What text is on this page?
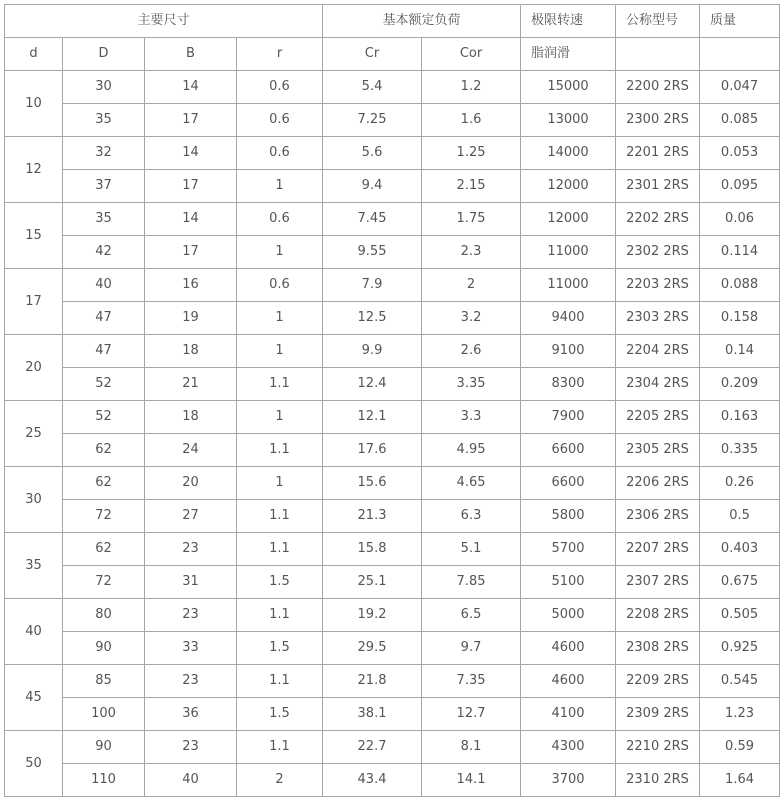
主要尺寸				基本额定负荷		极限转速	公称型号	质量
d	D	B	r	Cr	Cor	脂润滑		
10	30	14	0.6	5.4	1.2	15000	2200 2RS	0.047
	35	17	0.6	7.25	1.6	13000	2300 2RS	0.085
12	32	14	0.6	5.6	1.25	14000	2201 2RS	0.053
	37	17	1	9.4	2.15	12000	2301 2RS	0.095
15	35	14	0.6	7.45	1.75	12000	2202 2RS	0.06
	42	17	1	9.55	2.3	11000	2302 2RS	0.114
17	40	16	0.6	7.9	2	11000	2203 2RS	0.088
	47	19	1	12.5	3.2	9400	2303 2RS	0.158
20	47	18	1	9.9	2.6	9100	2204 2RS	0.14
	52	21	1.1	12.4	3.35	8300	2304 2RS	0.209
25	52	18	1	12.1	3.3	7900	2205 2RS	0.163
	62	24	1.1	17.6	4.95	6600	2305 2RS	0.335
30	62	20	1	15.6	4.65	6600	2206 2RS	0.26
	72	27	1.1	21.3	6.3	5800	2306 2RS	0.5
35	62	23	1.1	15.8	5.1	5700	2207 2RS	0.403
	72	31	1.5	25.1	7.85	5100	2307 2RS	0.675
40	80	23	1.1	19.2	6.5	5000	2208 2RS	0.505
	90	33	1.5	29.5	9.7	4600	2308 2RS	0.925
45	85	23	1.1	21.8	7.35	4600	2209 2RS	0.545
	100	36	1.5	38.1	12.7	4100	2309 2RS	1.23
50	90	23	1.1	22.7	8.1	4300	2210 2RS	0.59
	110	40	2	43.4	14.1	3700	2310 2RS	1.64
